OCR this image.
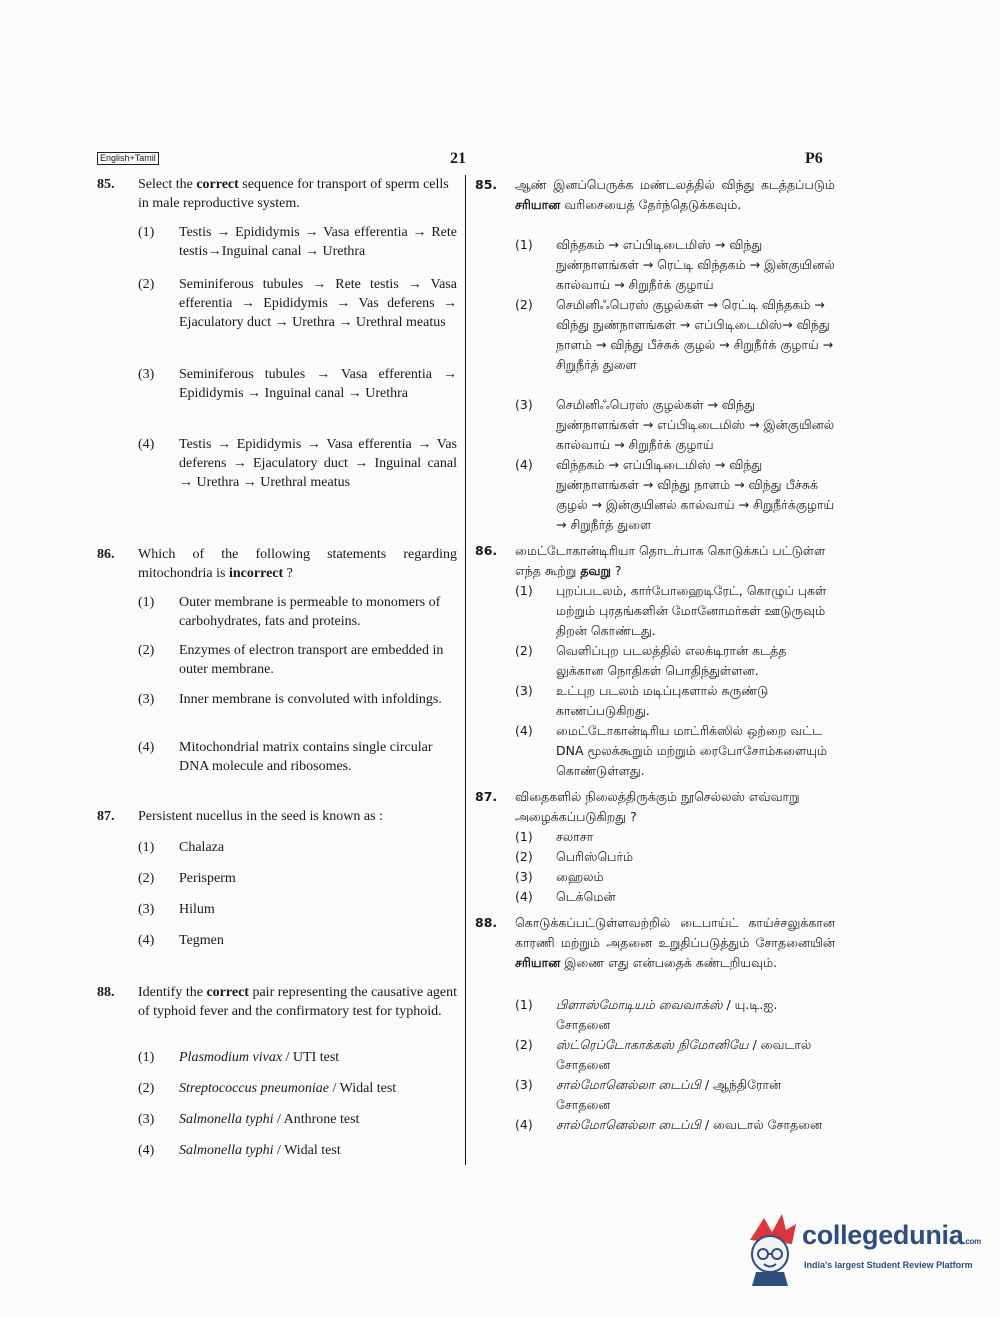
English+Tamil	21	P6
85. Select the correct sequence for transport of sperm cells in male reproductive system.
(1) Testis → Epididymis → Vasa efferentia → Rete testis→Inguinal canal → Urethra
(2) Seminiferous tubules → Rete testis → Vasa efferentia → Epididymis → Vas deferens → Ejaculatory duct → Urethra → Urethral meatus
(3) Seminiferous tubules → Vasa efferentia → Epididymis → Inguinal canal → Urethra
(4) Testis → Epididymis → Vasa efferentia → Vas deferens → Ejaculatory duct → Inguinal canal → Urethra → Urethral meatus
86. Which of the following statements regarding mitochondria is incorrect ?
(1) Outer membrane is permeable to monomers of carbohydrates, fats and proteins.
(2) Enzymes of electron transport are embedded in outer membrane.
(3) Inner membrane is convoluted with infoldings.
(4) Mitochondrial matrix contains single circular DNA molecule and ribosomes.
87. Persistent nucellus in the seed is known as :
(1) Chalaza
(2) Perisperm
(3) Hilum
(4) Tegmen
88. Identify the correct pair representing the causative agent of typhoid fever and the confirmatory test for typhoid.
(1) Plasmodium vivax / UTI test
(2) Streptococcus pneumoniae / Widal test
(3) Salmonella typhi / Anthrone test
(4) Salmonella typhi / Widal test
85. ஆண் இனப்பெருக்க மண்டலத்தில் விந்து கடத்தப்படும் சரியான வரிசையைத் தேர்ந்தெடுக்கவும்.
(1) விந்தகம் → எப்பிடிடைமிஸ் → விந்து நுண்நாளங்கள் → ரெட்டி விந்தகம் → இன்குயினல் கால்வாய் → சிறுநீர்க் குழாய்
(2) செமினிஃபெரஸ் குழல்கள் → ரெட்டி விந்தகம் → விந்து நுண்நாளங்கள் → எப்பிடிடைமிஸ்→ விந்து நாளம் → விந்து பீச்சுக் குழல் → சிறுநீர்க் குழாய் → சிறுநீர்த் துளை
(3) செமினிஃபெரஸ் குழல்கள் → விந்து நுண்நாளங்கள் → எப்பிடிடைமிஸ் → இன்குயினல் கால்வாய் → சிறுநீர்க் குழாய்
(4) விந்தகம் → எப்பிடிடைமிஸ் → விந்து நுண்நாளங்கள் → விந்து நாளம் → விந்து பீச்சுக் குழல் → இன்குயினல் கால்வாய் → சிறுநீர்க்குழாய் → சிறுநீர்த் துளை
86. மைட்டோகான்டிரியா தொடர்பாக கொடுக்கப் பட்டுள்ள எந்த கூற்று தவறு ?
(1) புறப்படலம், கார்போஹைடிரேட், கொழுப் புகள் மற்றும் புரதங்களின் மோனோமர்கள் ஊடுருவும் திறன் கொண்டது.
(2) வெளிப்புற படலத்தில் எலக்டிரான் கடத்த லுக்கான நொதிகள் பொதிந்துள்ளன.
(3) உட்புற படலம் மடிப்புகளால் சுருண்டு காணப்படுகிறது.
(4) மைட்டோகான்டிரிய மாட்ரிக்ஸில் ஒற்றை வட்ட DNA மூலக்கூறும் மற்றும் ரைபோசோம்களையும் கொண்டுள்ளது.
87. விதைகளில் நிலைத்திருக்கும் நூசெல்லஸ் எவ்வாறு அழைக்கப்படுகிறது ?
(1) சலாசா
(2) பெரிஸ்பெர்ம்
(3) ஹைலம்
(4) டெக்மென்
88. கொடுக்கப்பட்டுள்ளவற்றில் டைபாய்ட் காய்ச்சலுக்கான காரணி மற்றும் அதனை உறுதிப்படுத்தும் சோதனையின் சரியான இணை எது என்பதைக் கண்டறியவும்.
(1) பிளாஸ்மோடியம் வைவாக்ஸ் / யு.டி.ஐ. சோதனை
(2) ஸ்ட்ரெப்டோகாக்கஸ் நிமோனியே / வைடால் சோதனை
(3) சால்மோனெல்லா டைப்பி / ஆந்திரோன் சோதனை
(4) சால்மோனெல்லா டைப்பி / வைடால் சோதனை
collegedunia.com
India's largest Student Review Platform
